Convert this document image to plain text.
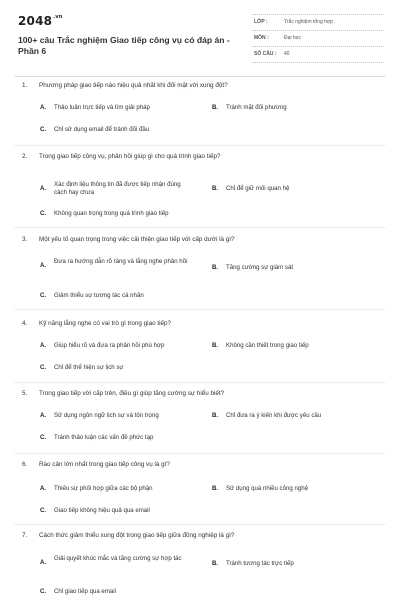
$2048^{.vn}$
100+ câu Trắc nghiệm Giao tiếp công vụ có đáp án - Phần 6
LỚP :	Trắc nghiệm tổng hợp
MÔN :	Đại học
SỐ CÂU : 40
1. Phương pháp giao tiếp nào hiệu quả nhất khi đối mặt với xung đột?
A. Thảo luận trực tiếp và tìm giải pháp	B. Tránh mặt đối phương
C. Chỉ sử dụng email để tránh đối đầu
2. Trong giao tiếp công vụ, phản hồi giúp gì cho quá trình giao tiếp?
A.
Xác định liệu thông tin đã được tiếp nhận đúng cách hay chưa
B. Chỉ để giữ mối quan hệ
C. Không quan trọng trong quá trình giao tiếp
3. Một yếu tố quan trọng trong việc cải thiện giao tiếp với cấp dưới là gì?
A.
Đưa ra hướng dẫn rõ ràng và lắng nghe phản hồi
B. Tăng cường sự giám sát
C. Giảm thiểu sự tương tác cá nhân
4. Kỹ năng lắng nghe có vai trò gì trong giao tiếp?
A. Giúp hiểu rõ và đưa ra phản hồi phù hợp	B. Không cần thiết trong giao tiếp
C. Chỉ để thể hiện sự lịch sự
5. Trong giao tiếp với cấp trên, điều gì giúp tăng cường sự hiểu biết?
A. Sử dụng ngôn ngữ lịch sự và tôn trọng	B. Chỉ đưa ra ý kiến khi được yêu cầu
C. Tránh thảo luận các vấn đề phức tạp
6. Rào cản lớn nhất trong giao tiếp công vụ là gì?
A. Thiếu sự phối hợp giữa các bộ phận	B. Sử dụng quá nhiều công nghệ
C. Giao tiếp không hiệu quả qua email
7. Cách thức giảm thiểu xung đột trong giao tiếp giữa đồng nghiệp là gì?
A.
Giải quyết khúc mắc và tăng cường sự hợp tác
B. Tránh tương tác trực tiếp
C. Chỉ giao tiếp qua email
